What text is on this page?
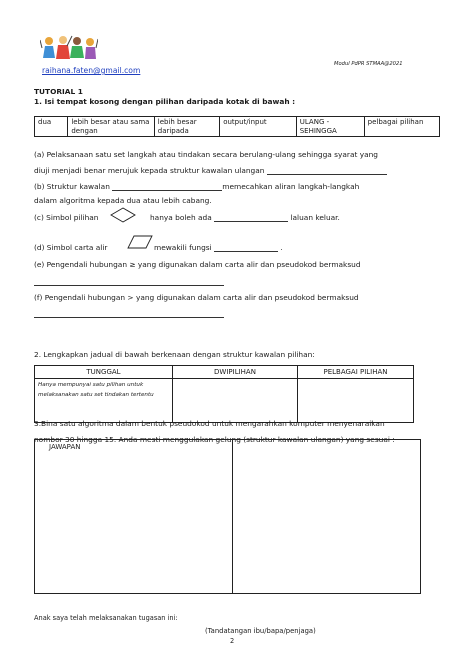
raihana.faten@gmail.com
Modul PdPR STMAA@2021
TUTORIAL 1
1. Isi tempat kosong dengan pilihan daripada kotak di bawah :
dua	lebih besar atau sama dengan	lebih besar daripada	output/input	ULANG - SEHINGGA	pelbagai pilihan
(a) Pelaksanaan satu set langkah atau tindakan secara berulang-ulang sehingga syarat yang
diuji menjadi benar merujuk kepada struktur kawalan ulangan
(b) Struktur kawalan	memecahkan aliran langkah-langkah
dalam algoritma kepada dua atau lebih cabang.
(c) Simbol pilihan	hanya boleh ada	laluan keluar.
(d) Simbol carta alir	mewakili fungsi	.
(e) Pengendali hubungan ≥ yang digunakan dalam carta alir dan pseudokod bermaksud
(f) Pengendali hubungan > yang digunakan dalam carta alir dan pseudokod bermaksud
2. Lengkapkan jadual di bawah berkenaan dengan struktur kawalan pilihan:
TUNGGAL	DWIPILIHAN	PELBAGAI PILIHAN
Hanya mempunyai satu pilihan untuk melaksanakan satu set tindakan tertentu		
3.Bina satu algoritma dalam bentuk pseudokod untuk mengarahkan komputer menyenaraikan
nombor 30 hingga 15. Anda mesti menggulakan gelung (struktur kawalan ulangan) yang sesuai :
JAWAPAN
Anak saya telah melaksanakan tugasan ini:
(Tandatangan ibu/bapa/penjaga)
2
